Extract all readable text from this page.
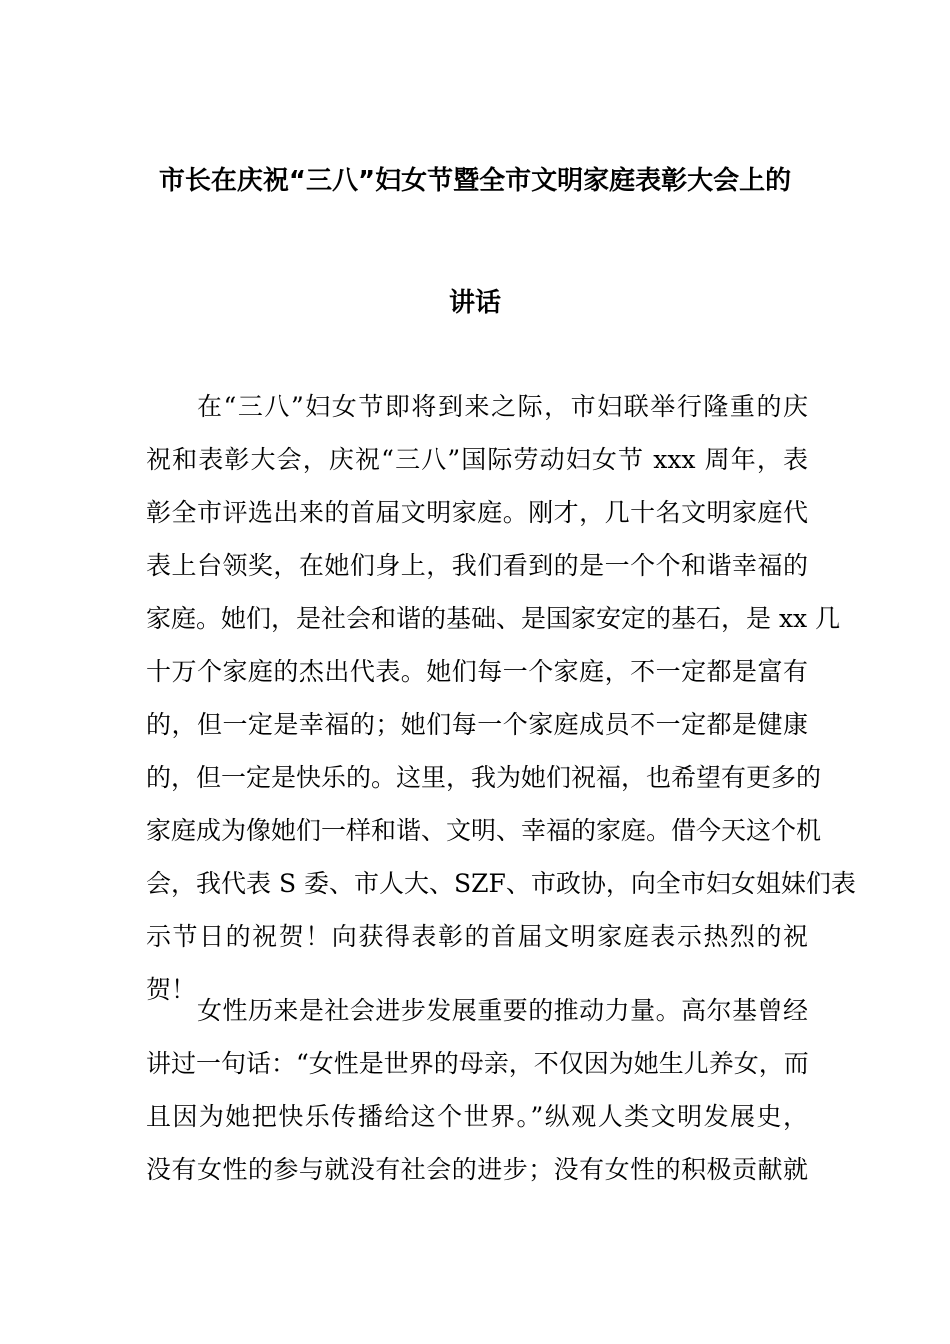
市长在庆祝“三八”妇女节暨全市文明家庭表彰大会上的
讲话
在“三八”妇女节即将到来之际，市妇联举行隆重的庆
祝和表彰大会，庆祝“三八”国际劳动妇女节 xxx 周年，表
彰全市评选出来的首届文明家庭。刚才，几十名文明家庭代
表上台领奖，在她们身上，我们看到的是一个个和谐幸福的
家庭。她们，是社会和谐的基础、是国家安定的基石，是 xx 几
十万个家庭的杰出代表。她们每一个家庭，不一定都是富有
的，但一定是幸福的；她们每一个家庭成员不一定都是健康
的，但一定是快乐的。这里，我为她们祝福，也希望有更多的
家庭成为像她们一样和谐、文明、幸福的家庭。借今天这个机
会，我代表 S 委、市人大、SZF、市政协，向全市妇女姐妹们表
示节日的祝贺！向获得表彰的首届文明家庭表示热烈的祝
贺！
女性历来是社会进步发展重要的推动力量。高尔基曾经
讲过一句话：“女性是世界的母亲，不仅因为她生儿养女，而
且因为她把快乐传播给这个世界。”纵观人类文明发展史，
没有女性的参与就没有社会的进步；没有女性的积极贡献就
